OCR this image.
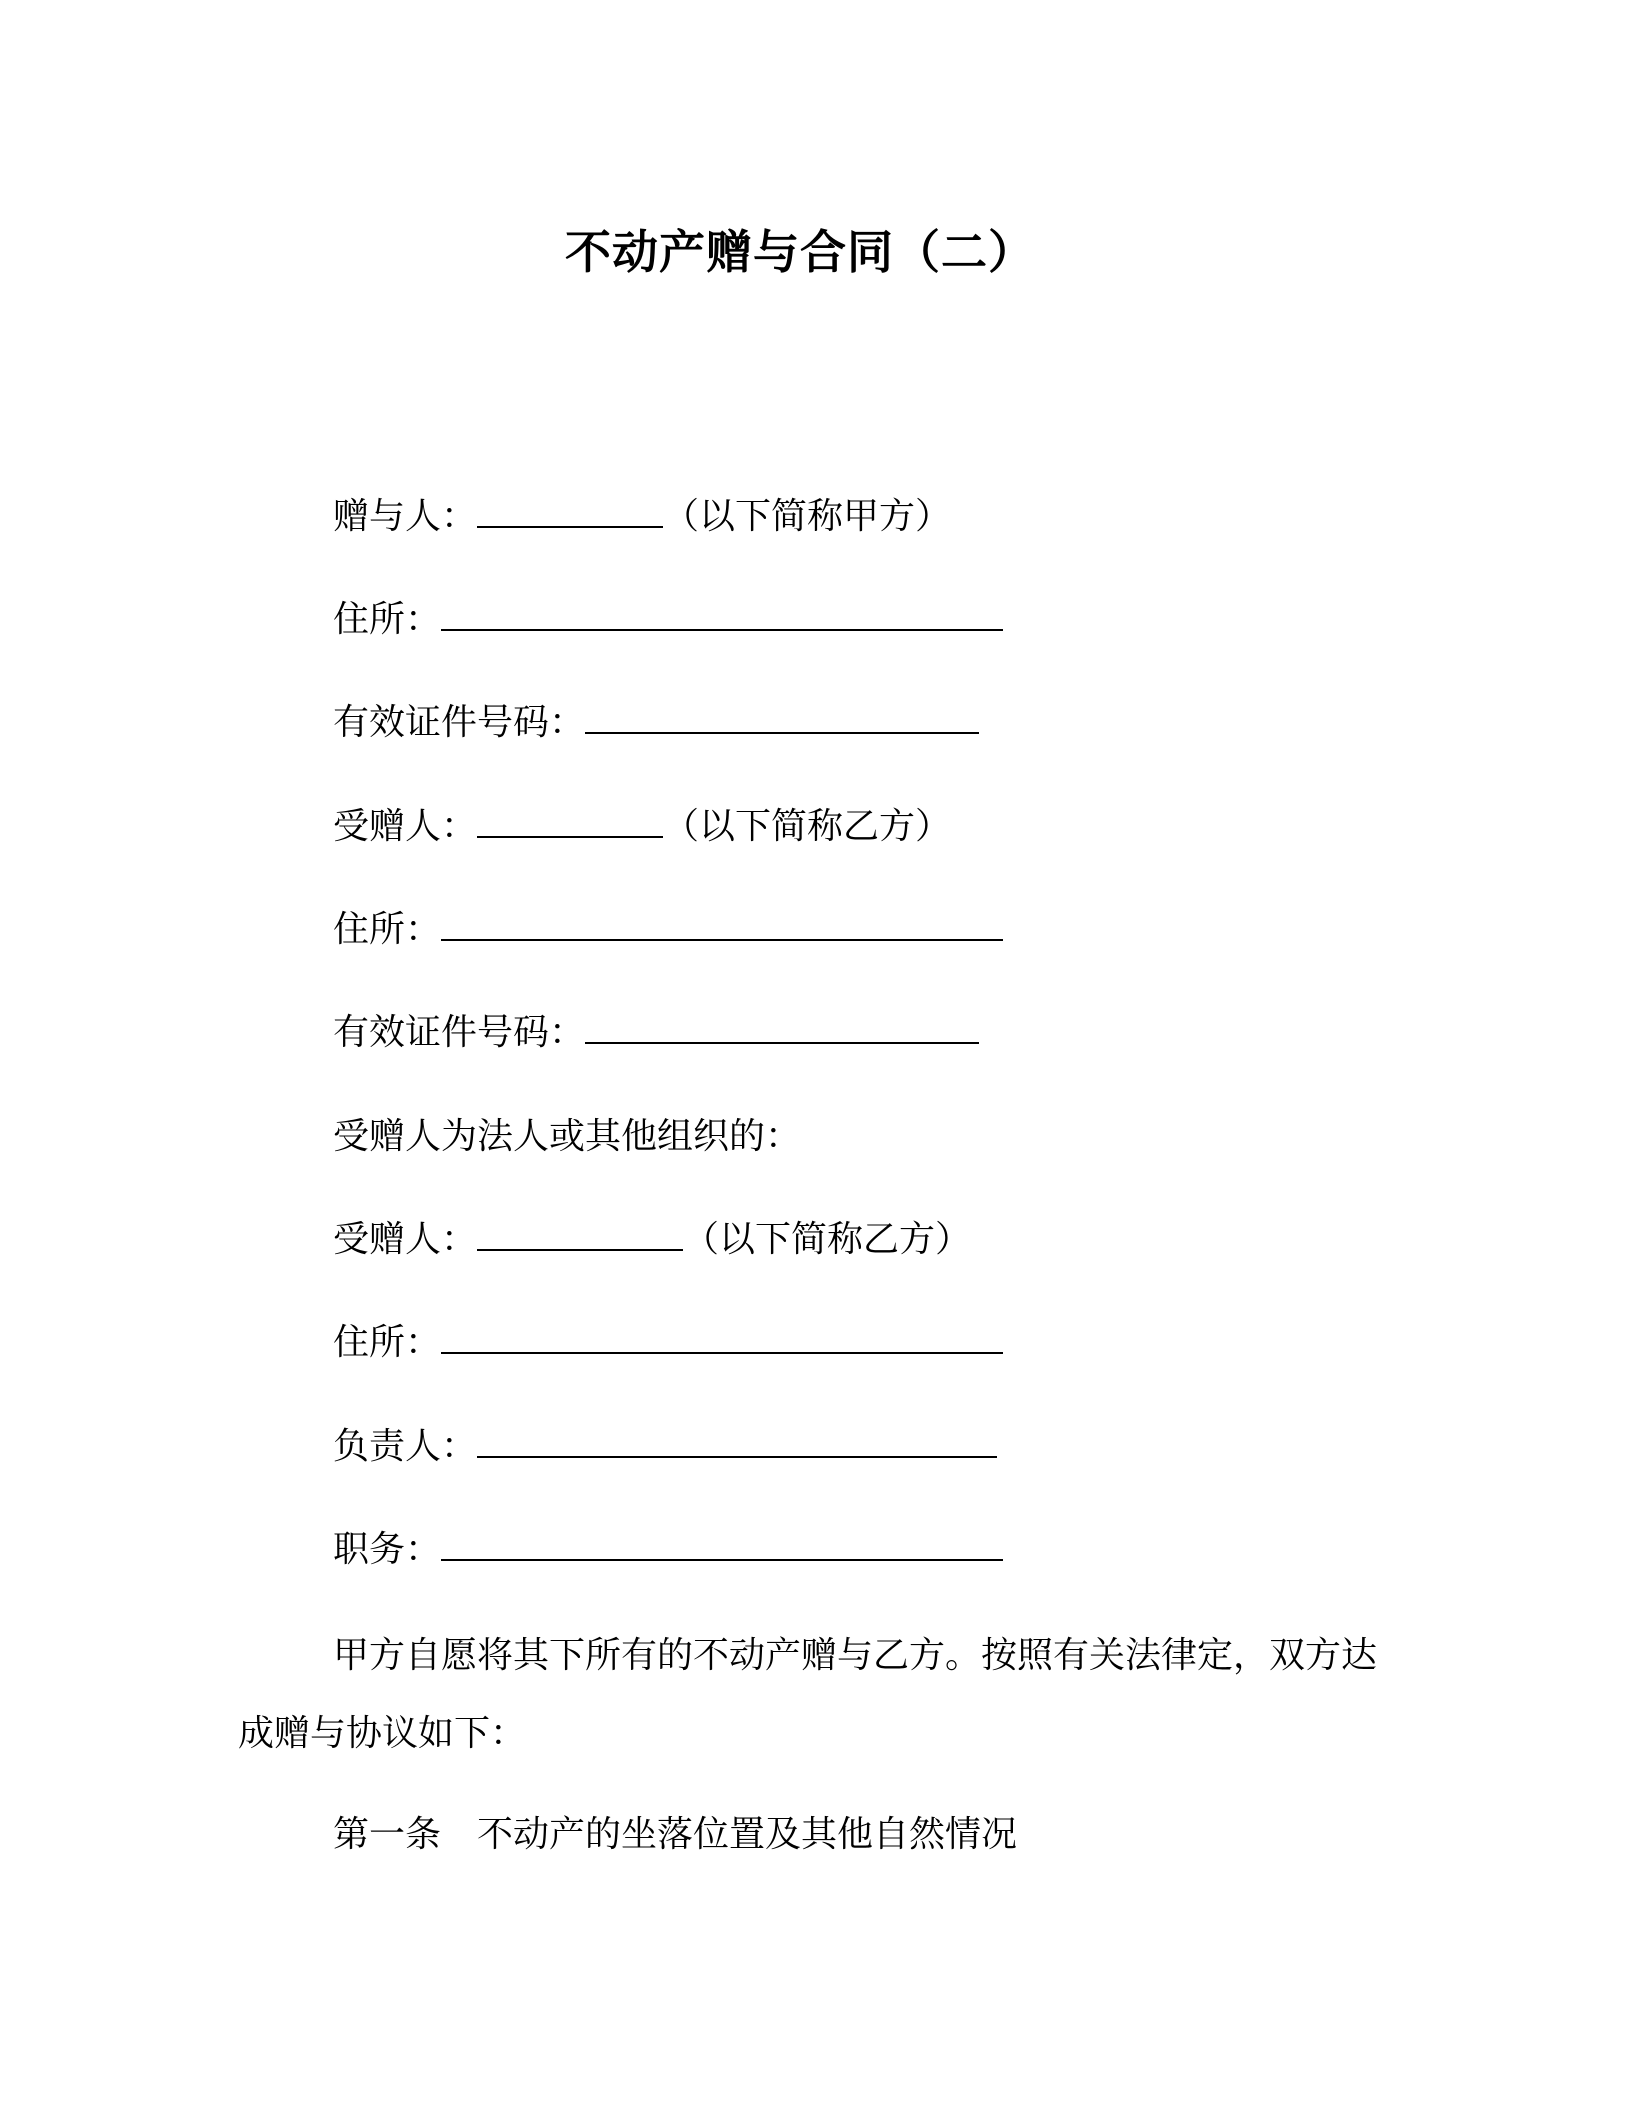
不动产赠与合同（二）
赠与人：	（以下简称甲方）
住所：
有效证件号码：
受赠人：	（以下简称乙方）
住所：
有效证件号码：
受赠人为法人或其他组织的：
受赠人：	（以下简称乙方）
住所：
负责人：
职务：
甲方自愿将其下所有的不动产赠与乙方。按照有关法律定，双方达成赠与协议如下：
第一条 不动产的坐落位置及其他自然情况
